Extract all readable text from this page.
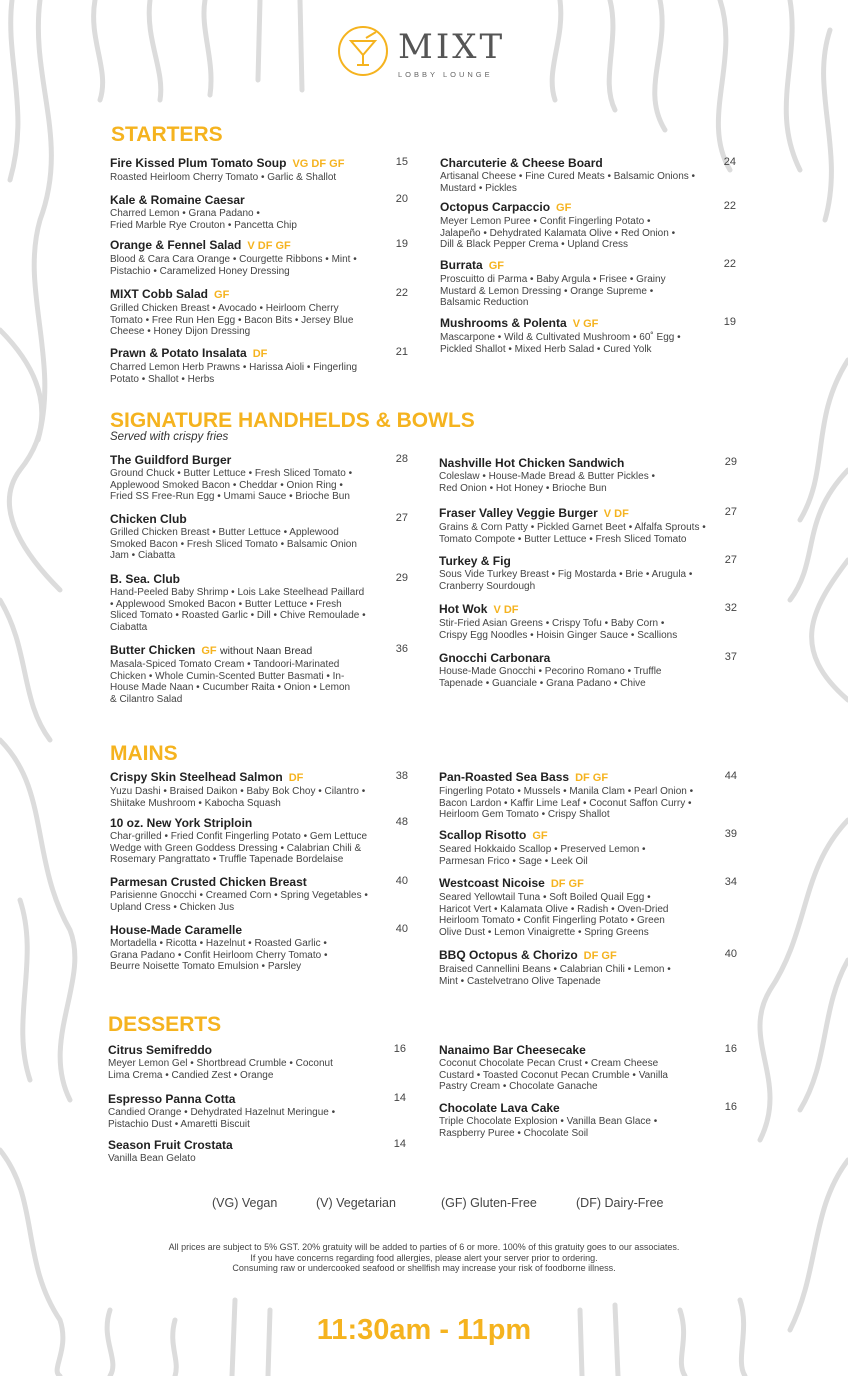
MIXT
LOBBY LOUNGE
STARTERS
Fire Kissed Plum Tomato Soup  VG DF GF	15
Roasted Heirloom Cherry Tomato • Garlic & Shallot
Kale & Romaine Caesar	20
Charred Lemon • Grana Padano •
Fried Marble Rye Crouton • Pancetta Chip
Orange & Fennel Salad  V DF GF	19
Blood & Cara Cara Orange • Courgette Ribbons • Mint •
Pistachio • Caramelized Honey Dressing
MIXT Cobb Salad  GF	22
Grilled Chicken Breast • Avocado • Heirloom Cherry
Tomato • Free Run Hen Egg • Bacon Bits • Jersey Blue
Cheese • Honey Dijon Dressing
Prawn & Potato Insalata  DF	21
Charred Lemon Herb Prawns • Harissa Aioli • Fingerling
Potato • Shallot • Herbs
Charcuterie & Cheese Board	24
Artisanal Cheese • Fine Cured Meats • Balsamic Onions •
Mustard • Pickles
Octopus Carpaccio  GF	22
Meyer Lemon Puree • Confit Fingerling Potato •
Jalapeño • Dehydrated Kalamata Olive • Red Onion •
Dill & Black Pepper Crema • Upland Cress
Burrata  GF	22
Proscuitto di Parma • Baby Argula • Frisee • Grainy
Mustard & Lemon Dressing • Orange Supreme •
Balsamic Reduction
Mushrooms & Polenta  V GF	19
Mascarpone • Wild & Cultivated Mushroom • 60˚ Egg •
Pickled Shallot • Mixed Herb Salad • Cured Yolk
SIGNATURE HANDHELDS & BOWLS
Served with crispy fries
The Guildford Burger	28
Ground Chuck • Butter Lettuce • Fresh Sliced Tomato •
Applewood Smoked Bacon • Cheddar • Onion Ring •
Fried SS Free-Run Egg • Umami Sauce • Brioche Bun
Chicken Club	27
Grilled Chicken Breast • Butter Lettuce • Applewood
Smoked Bacon • Fresh Sliced Tomato • Balsamic Onion
Jam • Ciabatta
B. Sea. Club	29
Hand-Peeled Baby Shrimp • Lois Lake Steelhead Paillard
• Applewood Smoked Bacon • Butter Lettuce • Fresh
Sliced Tomato • Roasted Garlic • Dill • Chive Remoulade •
Ciabatta
Butter Chicken  GF without Naan Bread	36
Masala-Spiced Tomato Cream • Tandoori-Marinated
Chicken • Whole Cumin-Scented Butter Basmati • In-
House Made Naan • Cucumber Raita • Onion • Lemon
& Cilantro Salad
Nashville Hot Chicken Sandwich	29
Coleslaw • House-Made Bread & Butter Pickles •
Red Onion • Hot Honey • Brioche Bun
Fraser Valley Veggie Burger  V DF	27
Grains & Corn Patty • Pickled Garnet Beet • Alfalfa Sprouts •
Tomato Compote • Butter Lettuce • Fresh Sliced Tomato
Turkey & Fig	27
Sous Vide Turkey Breast • Fig Mostarda • Brie • Arugula •
Cranberry Sourdough
Hot Wok  V DF	32
Stir-Fried Asian Greens • Crispy Tofu • Baby Corn •
Crispy Egg Noodles • Hoisin Ginger Sauce • Scallions
Gnocchi Carbonara	37
House-Made Gnocchi • Pecorino Romano • Truffle
Tapenade • Guanciale • Grana Padano • Chive
MAINS
Crispy Skin Steelhead Salmon  DF	38
Yuzu Dashi • Braised Daikon • Baby Bok Choy • Cilantro •
Shiitake Mushroom • Kabocha Squash
10 oz. New York Striploin	48
Char-grilled • Fried Confit Fingerling Potato • Gem Lettuce
Wedge with Green Goddess Dressing • Calabrian Chili &
Rosemary Pangrattato • Truffle Tapenade Bordelaise
Parmesan Crusted Chicken Breast	40
Parisienne Gnocchi • Creamed Corn • Spring Vegetables •
Upland Cress • Chicken Jus
House-Made Caramelle	40
Mortadella • Ricotta • Hazelnut • Roasted Garlic •
Grana Padano • Confit Heirloom Cherry Tomato •
Beurre Noisette Tomato Emulsion • Parsley
Pan-Roasted Sea Bass  DF GF	44
Fingerling Potato • Mussels • Manila Clam • Pearl Onion •
Bacon Lardon • Kaffir Lime Leaf • Coconut Saffon Curry •
Heirloom Gem Tomato • Crispy Shallot
Scallop Risotto  GF	39
Seared Hokkaido Scallop • Preserved Lemon •
Parmesan Frico • Sage • Leek Oil
Westcoast Nicoise  DF GF	34
Seared Yellowtail Tuna • Soft Boiled Quail Egg •
Haricot Vert • Kalamata Olive • Radish • Oven-Dried
Heirloom Tomato • Confit Fingerling Potato • Green
Olive Dust • Lemon Vinaigrette • Spring Greens
BBQ Octopus & Chorizo  DF GF	40
Braised Cannellini Beans • Calabrian Chili • Lemon •
Mint • Castelvetrano Olive Tapenade
DESSERTS
Citrus Semifreddo	16
Meyer Lemon Gel • Shortbread Crumble • Coconut
Lima Crema • Candied Zest • Orange
Espresso Panna Cotta	14
Candied Orange • Dehydrated Hazelnut Meringue •
Pistachio Dust • Amaretti Biscuit
Season Fruit Crostata	14
Vanilla Bean Gelato
Nanaimo Bar Cheesecake	16
Coconut Chocolate Pecan Crust • Cream Cheese
Custard • Toasted Coconut Pecan Crumble • Vanilla
Pastry Cream • Chocolate Ganache
Chocolate Lava Cake	16
Triple Chocolate Explosion • Vanilla Bean Glace •
Raspberry Puree • Chocolate Soil
(VG) Vegan	(V) Vegetarian	(GF) Gluten-Free	(DF) Dairy-Free
All prices are subject to 5% GST. 20% gratuity will be added to parties of 6 or more. 100% of this gratuity goes to our associates.
If you have concerns regarding food allergies, please alert your server prior to ordering.
Consuming raw or undercooked seafood or shellfish may increase your risk of foodborne illness.
11:30am - 11pm
